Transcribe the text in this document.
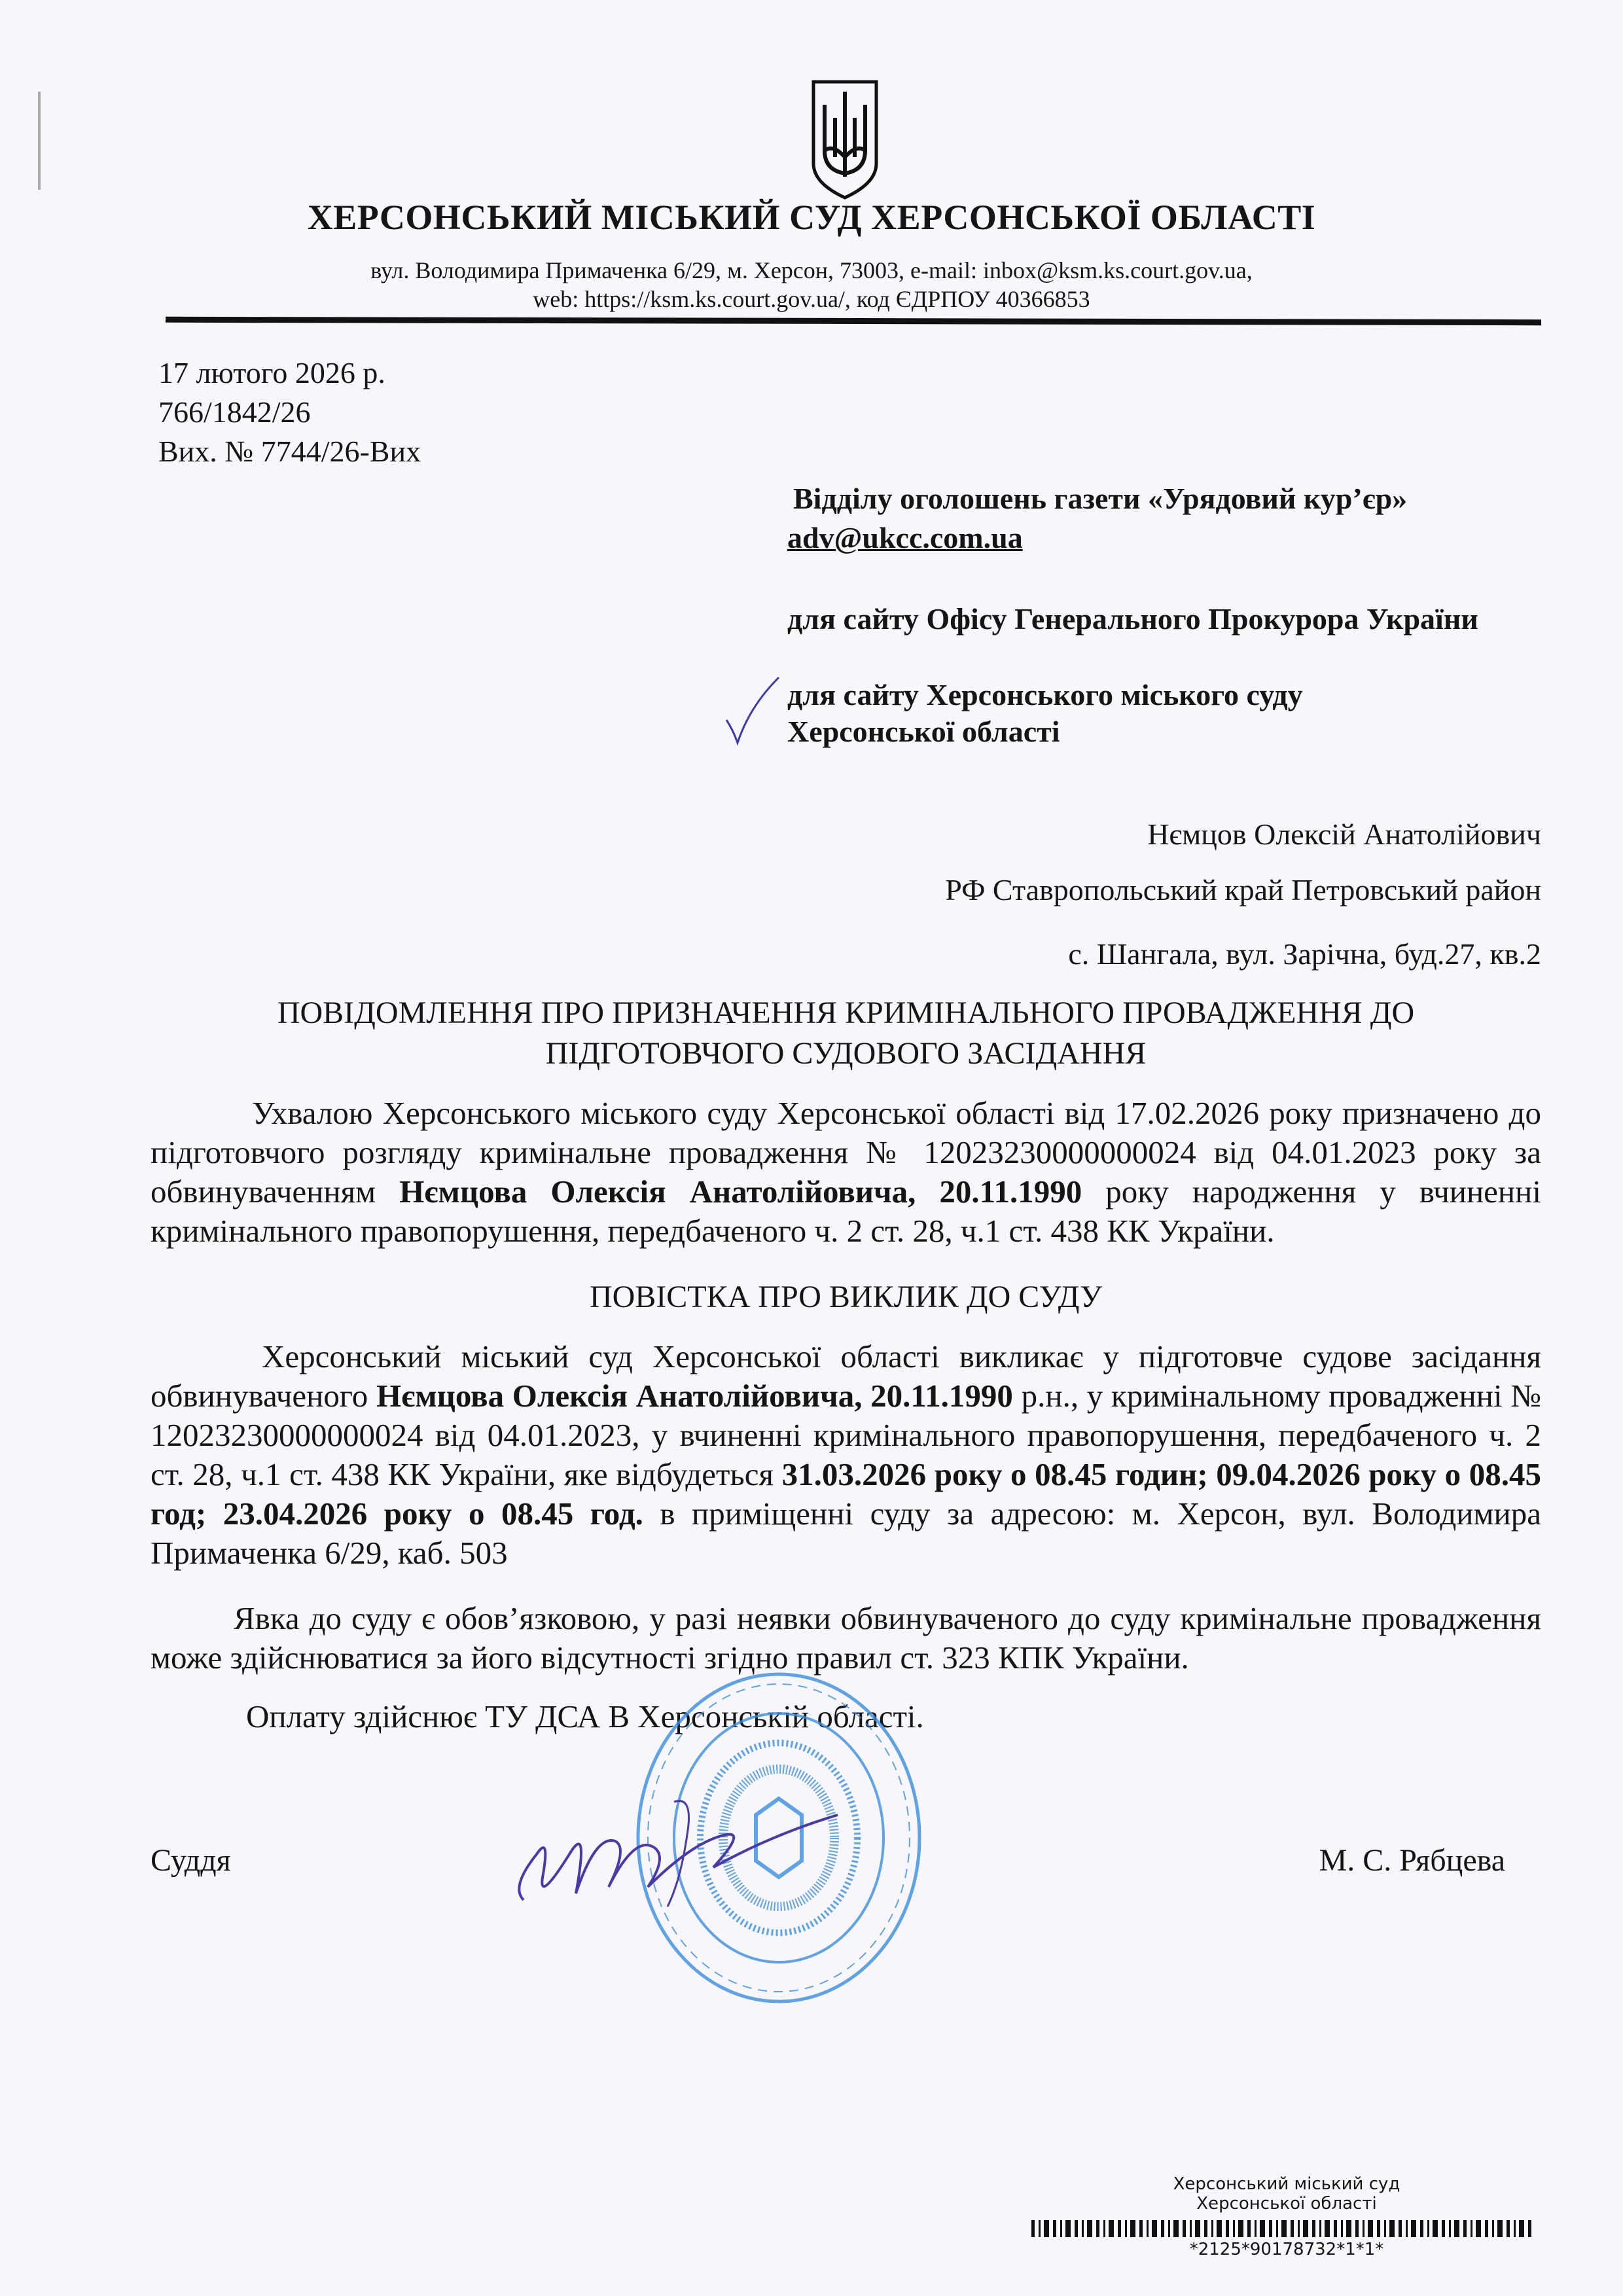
ХЕРСОНСЬКИЙ МІСЬКИЙ СУД ХЕРСОНСЬКОЇ ОБЛАСТІ
вул. Володимира Примаченка 6/29, м. Херсон, 73003, e-mail: inbox@ksm.ks.court.gov.ua,
web: https://ksm.ks.court.gov.ua/, код ЄДРПОУ 40366853
17 лютого 2026 р.
766/1842/26
Вих. № 7744/26-Вих
Відділу оголошень газети «Урядовий кур’єр»
adv@ukcc.com.ua
для сайту Офісу Генерального Прокурора України
для сайту Херсонського міського суду
Херсонської області
Нємцов Олексій Анатолійович
РФ Ставропольський край Петровський район
с. Шангала, вул. Зарічна, буд.27, кв.2
ПОВІДОМЛЕННЯ ПРО ПРИЗНАЧЕННЯ КРИМІНАЛЬНОГО ПРОВАДЖЕННЯ ДО
ПІДГОТОВЧОГО СУДОВОГО ЗАСІДАННЯ
Ухвалою Херсонського міського суду Херсонської області від 17.02.2026 року призначено до підготовчого розгляду кримінальне провадження № 12023230000000024 від 04.01.2023 року за обвинуваченням Нємцова Олексія Анатолійовича, 20.11.1990 року народження у вчиненні кримінального правопорушення, передбаченого ч. 2 ст. 28, ч.1 ст. 438 КК України.
ПОВІСТКА ПРО ВИКЛИК ДО СУДУ
Херсонський міський суд Херсонської області викликає у підготовче судове засідання обвинуваченого Нємцова Олексія Анатолійовича, 20.11.1990 р.н., у кримінальному провадженні № 12023230000000024 від 04.01.2023, у вчиненні кримінального правопорушення, передбаченого ч. 2 ст. 28, ч.1 ст. 438 КК України, яке відбудеться 31.03.2026 року о 08.45 годин; 09.04.2026 року о 08.45 год; 23.04.2026 року о 08.45 год. в приміщенні суду за адресою: м. Херсон, вул. Володимира Примаченка 6/29, каб. 503
Явка до суду є обов’язковою, у разі неявки обвинуваченого до суду кримінальне провадження може здійснюватися за його відсутності згідно правил ст. 323 КПК України.
Оплату здійснює ТУ ДСА В Херсонській області.
Суддя	М. С. Рябцева
Херсонський міський суд
Херсонської області
*2125*90178732*1*1*
